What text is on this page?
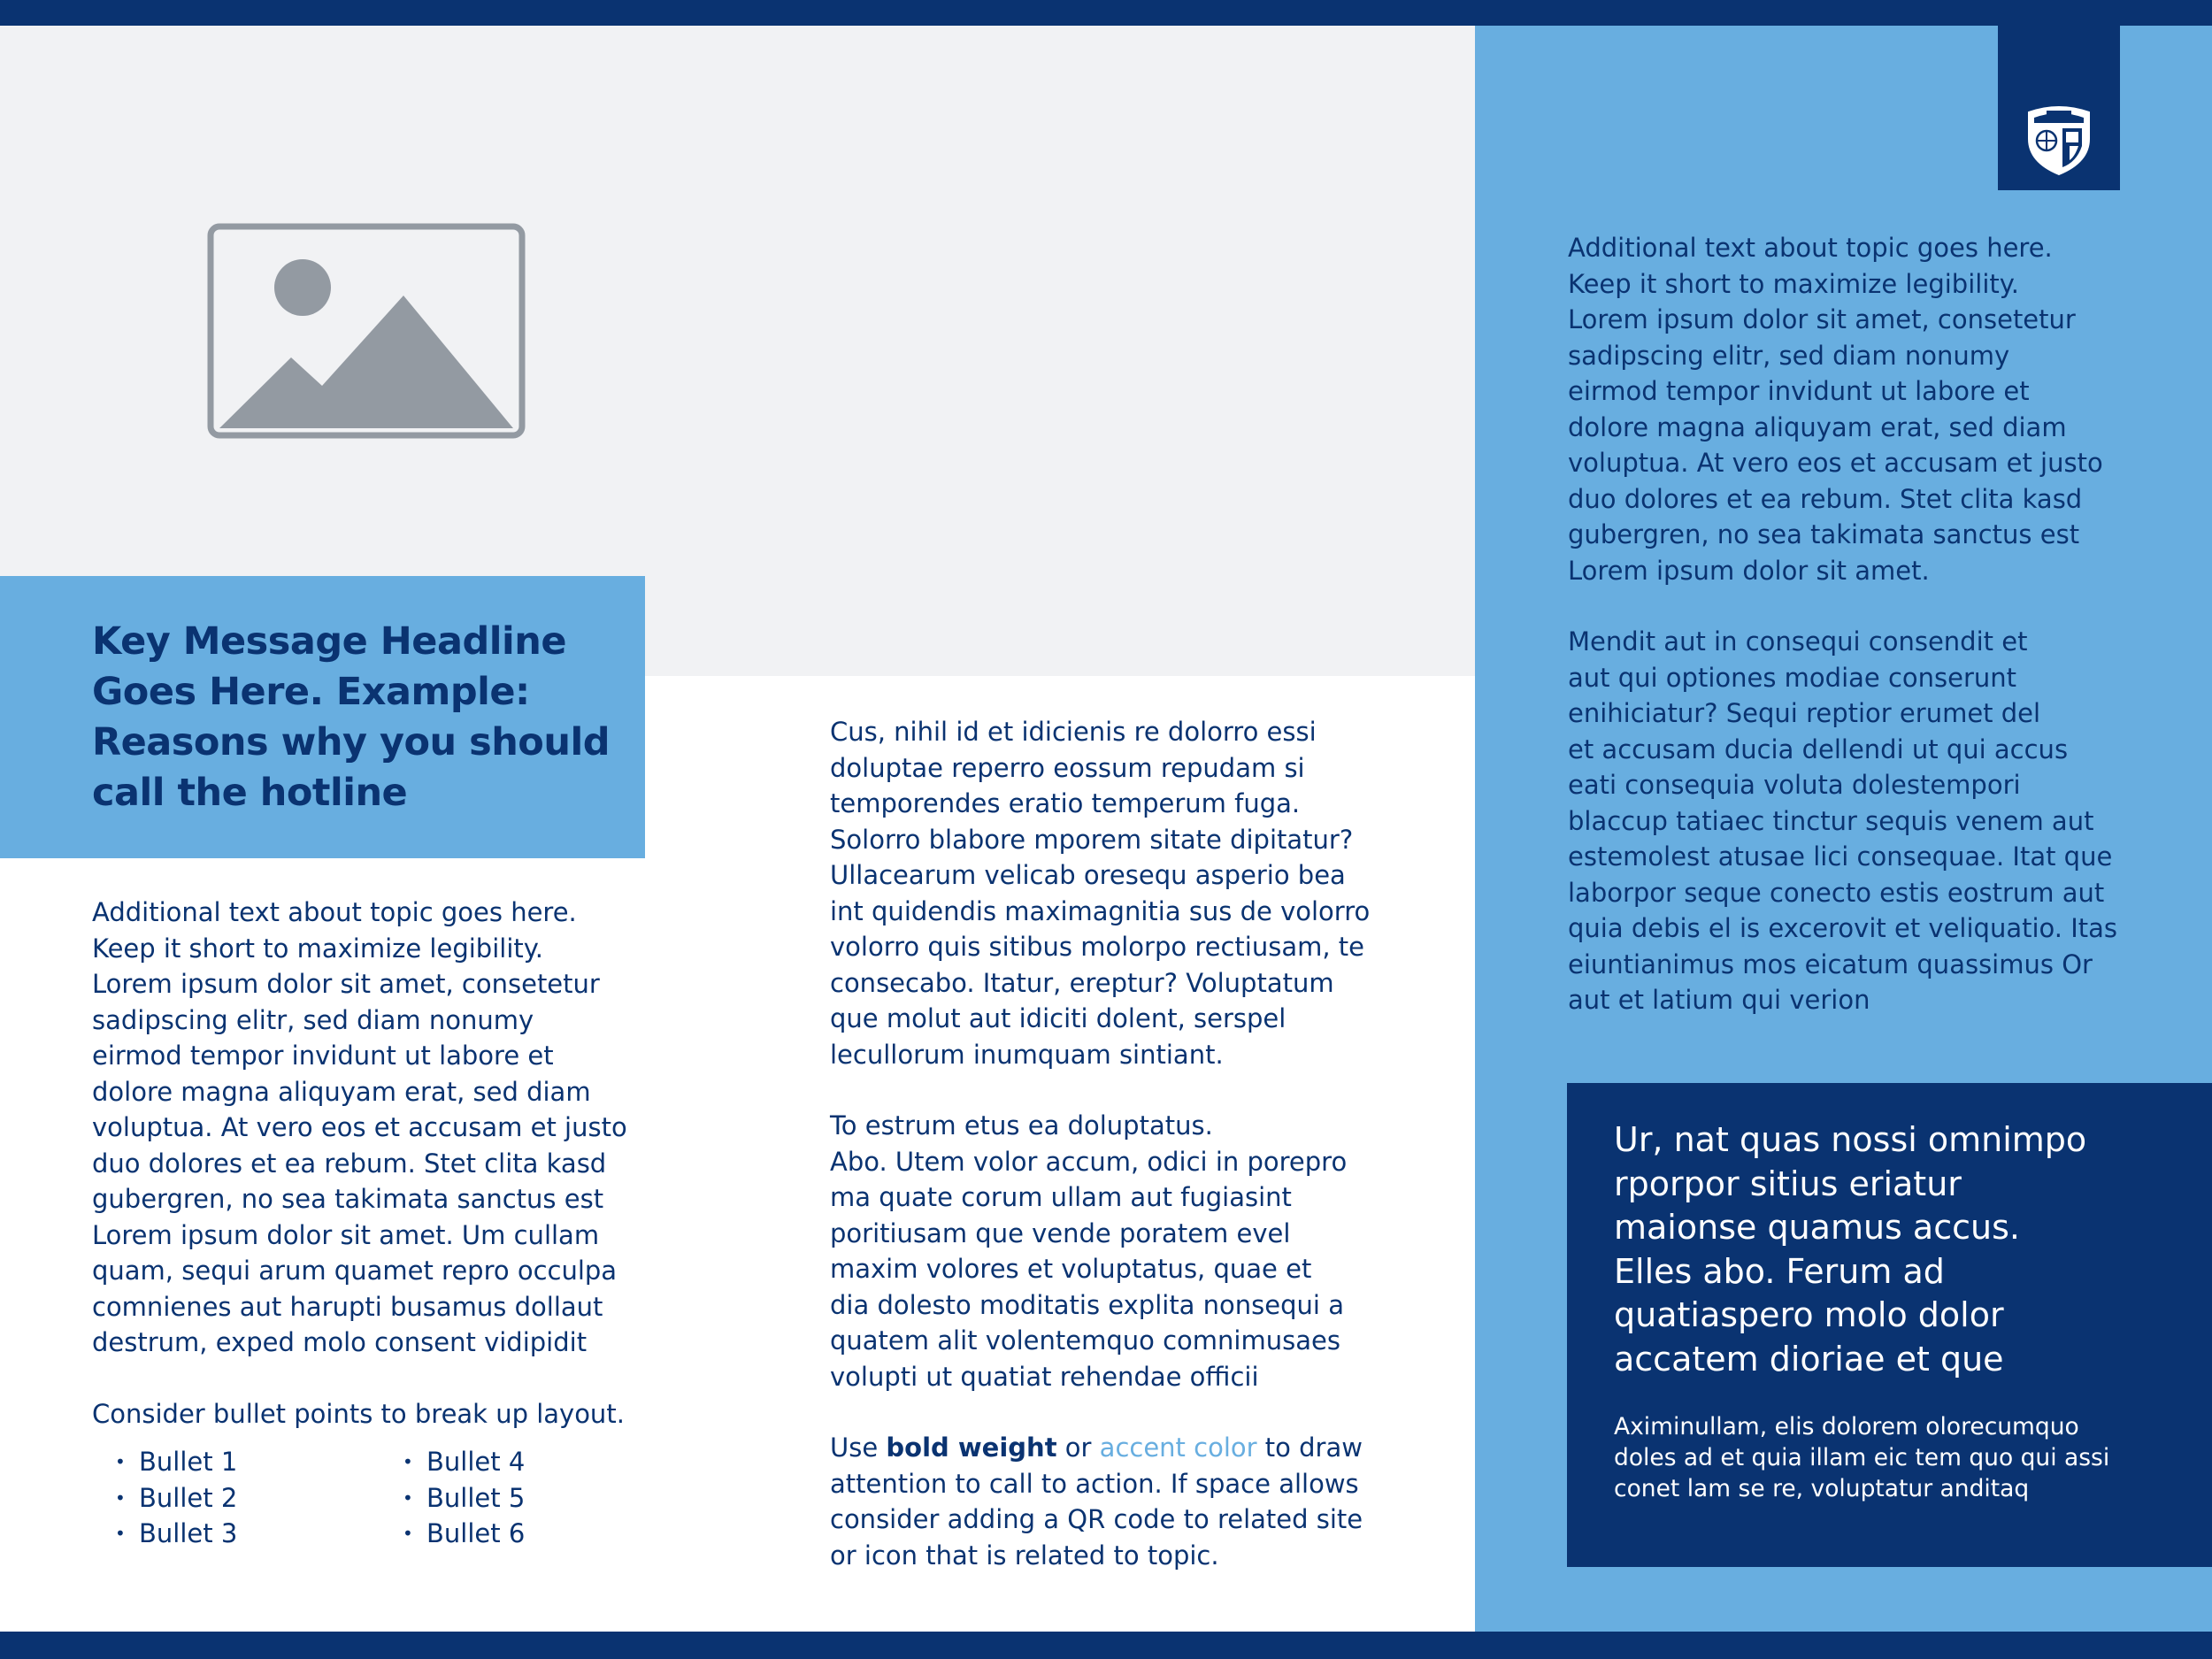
Key Message Headline Goes Here. Example: Reasons why you should call the hotline

Additional text about topic goes here.
Keep it short to maximize legibility.
Lorem ipsum dolor sit amet, consetetur
sadipscing elitr, sed diam nonumy
eirmod tempor invidunt ut labore et
dolore magna aliquyam erat, sed diam
voluptua. At vero eos et accusam et justo
duo dolores et ea rebum. Stet clita kasd
gubergren, no sea takimata sanctus est
Lorem ipsum dolor sit amet. Um cullam
quam, sequi arum quamet repro occulpa
comnienes aut harupti busamus dollaut
destrum, exped molo consent vidipidit

Consider bullet points to break up layout.

• Bullet 1
• Bullet 2
• Bullet 3
• Bullet 4
• Bullet 5
• Bullet 6

Cus, nihil id et idicienis re dolorro essi
doluptae reperro eossum repudam si
temporendes eratio temperum fuga.
Solorro blabore mporem sitate dipitatur?
Ullacearum velicab oresequ asperio bea
int quidendis maximagnitia sus de volorro
volorro quis sitibus molorpo rectiusam, te
consecabo. Itatur, ereptur? Voluptatum
que molut aut idiciti dolent, serspel
lecullorum inumquam sintiant.

To estrum etus ea doluptatus.
Abo. Utem volor accum, odici in porepro
ma quate corum ullam aut fugiasint
poritiusam que vende poratem evel
maxim volores et voluptatus, quae et
dia dolesto moditatis explita nonsequi a
quatem alit volentemquo comnimusaes
volupti ut quatiat rehendae officii

Use bold weight or accent color to draw
attention to call to action. If space allows
consider adding a QR code to related site
or icon that is related to topic.

Additional text about topic goes here.
Keep it short to maximize legibility.
Lorem ipsum dolor sit amet, consetetur
sadipscing elitr, sed diam nonumy
eirmod tempor invidunt ut labore et
dolore magna aliquyam erat, sed diam
voluptua. At vero eos et accusam et justo
duo dolores et ea rebum. Stet clita kasd
gubergren, no sea takimata sanctus est
Lorem ipsum dolor sit amet.

Mendit aut in consequi consendit et
aut qui optiones modiae conserunt
enihiciatur? Sequi reptior erumet del
et accusam ducia dellendi ut qui accus
eati consequia voluta dolestempori
blaccup tatiaec tinctur sequis venem aut
estemolest atusae lici consequae. Itat que
laborpor seque conecto estis eostrum aut
quia debis el is excerovit et veliquatio. Itas
eiuntianimus mos eicatum quassimus Or
aut et latium qui verion

Ur, nat quas nossi omnimpo
rporpor sitius eriatur
maionse quamus accus.
Elles abo. Ferum ad
quatiaspero molo dolor
accatem dioriae et que

Aximinullam, elis dolorem olorecumquo
doles ad et quia illam eic tem quo qui assi
conet lam se re, voluptatur anditaq
